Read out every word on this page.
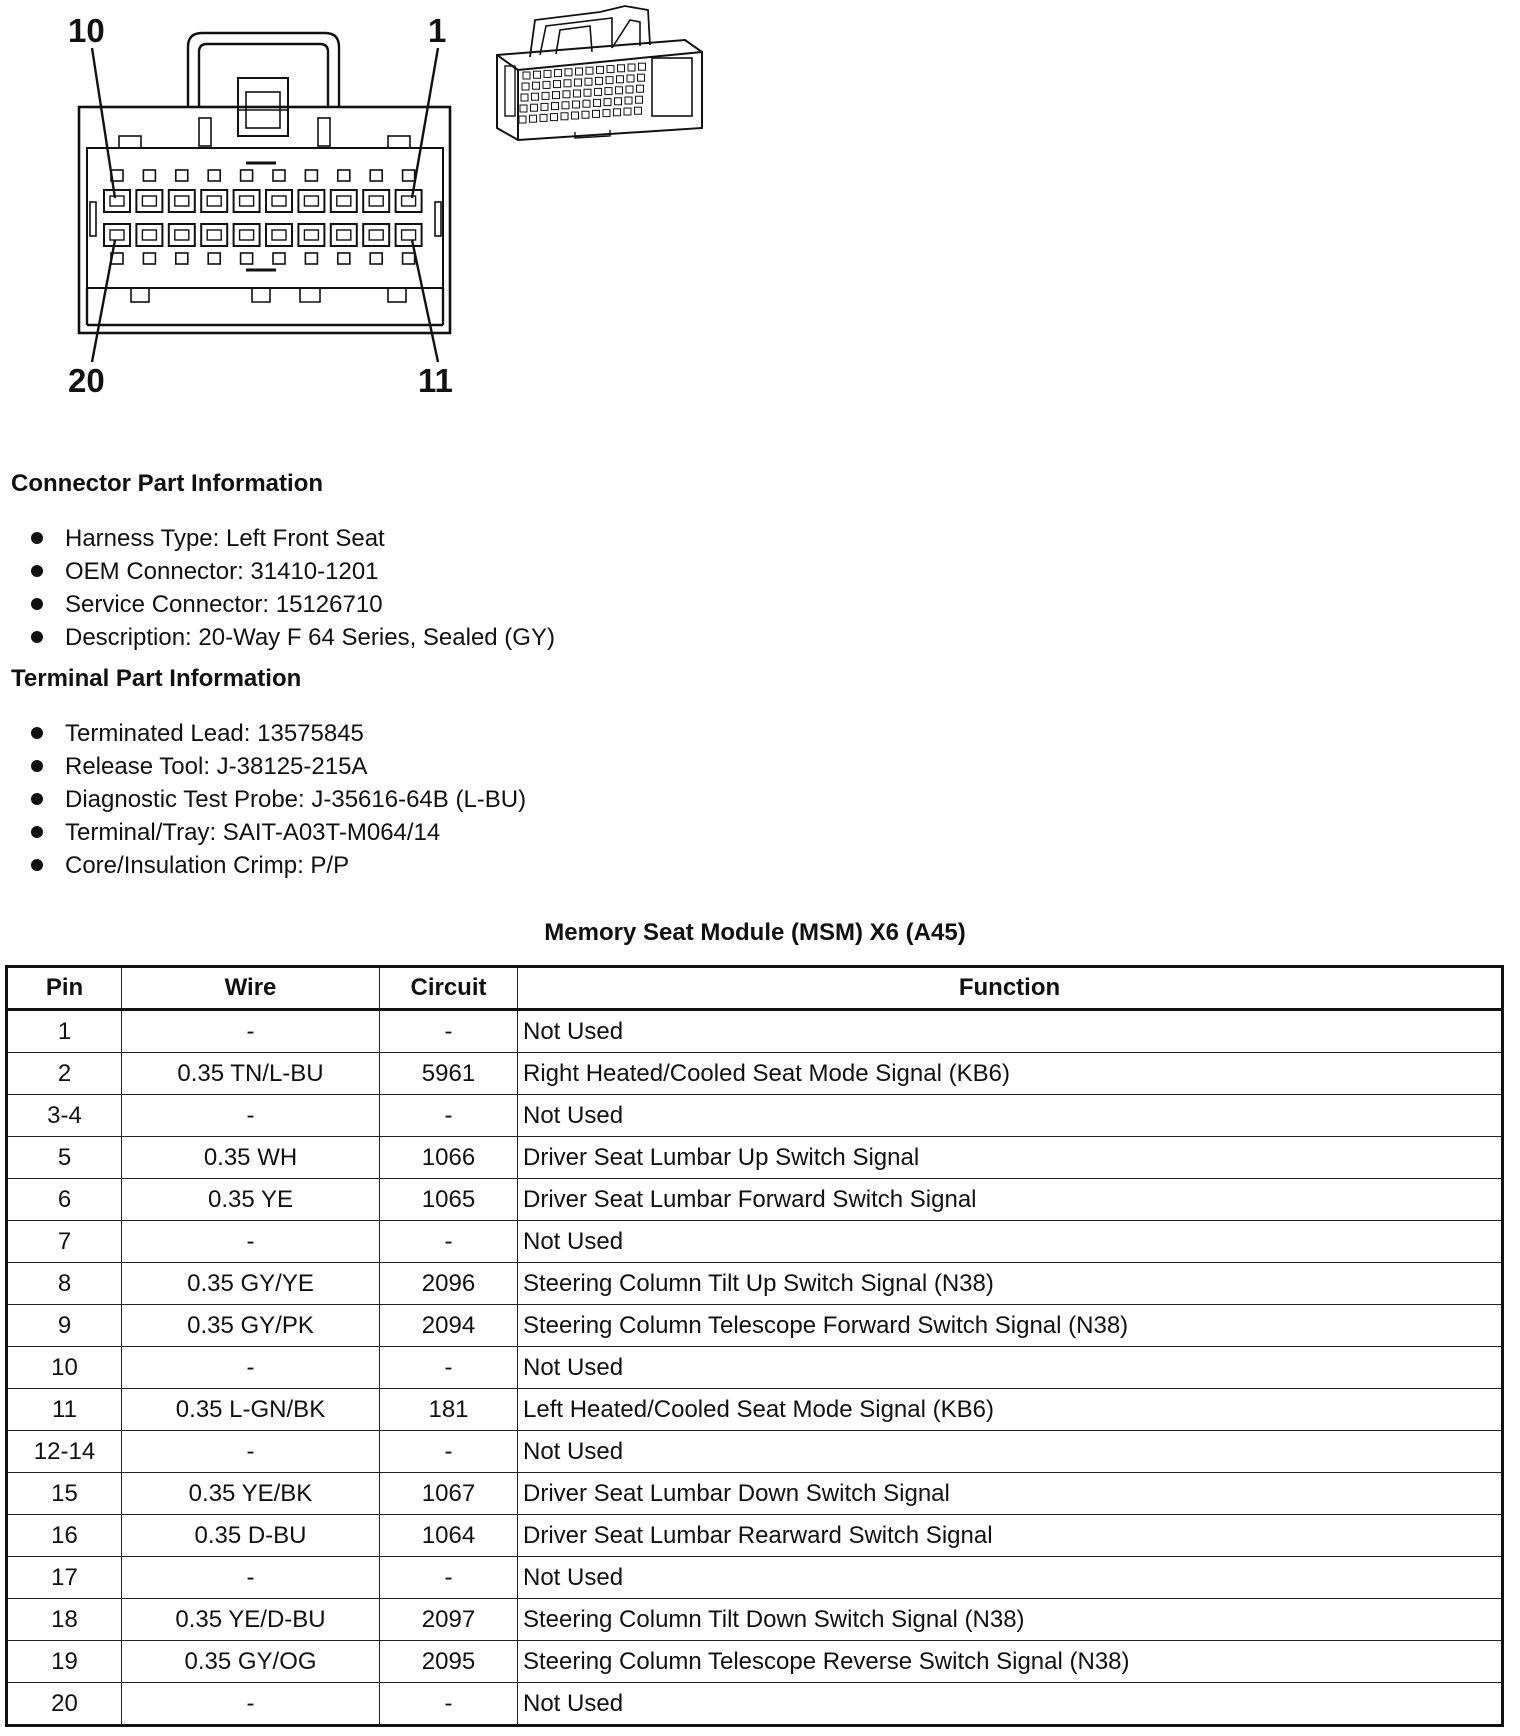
10	1
20	11
Connector Part Information
Harness Type: Left Front Seat
OEM Connector: 31410-1201
Service Connector: 15126710
Description: 20-Way F 64 Series, Sealed (GY)
Terminal Part Information
Terminated Lead: 13575845
Release Tool: J-38125-215A
Diagnostic Test Probe: J-35616-64B (L-BU)
Terminal/Tray: SAIT-A03T-M064/14
Core/Insulation Crimp: P/P
Memory Seat Module (MSM) X6 (A45)
Pin	Wire	Circuit	Function
1	-	-	Not Used
2	0.35 TN/L-BU	5961	Right Heated/Cooled Seat Mode Signal (KB6)
3-4	-	-	Not Used
5	0.35 WH	1066	Driver Seat Lumbar Up Switch Signal
6	0.35 YE	1065	Driver Seat Lumbar Forward Switch Signal
7	-	-	Not Used
8	0.35 GY/YE	2096	Steering Column Tilt Up Switch Signal (N38)
9	0.35 GY/PK	2094	Steering Column Telescope Forward Switch Signal (N38)
10	-	-	Not Used
11	0.35 L-GN/BK	181	Left Heated/Cooled Seat Mode Signal (KB6)
12-14	-	-	Not Used
15	0.35 YE/BK	1067	Driver Seat Lumbar Down Switch Signal
16	0.35 D-BU	1064	Driver Seat Lumbar Rearward Switch Signal
17	-	-	Not Used
18	0.35 YE/D-BU	2097	Steering Column Tilt Down Switch Signal (N38)
19	0.35 GY/OG	2095	Steering Column Telescope Reverse Switch Signal (N38)
20	-	-	Not Used
